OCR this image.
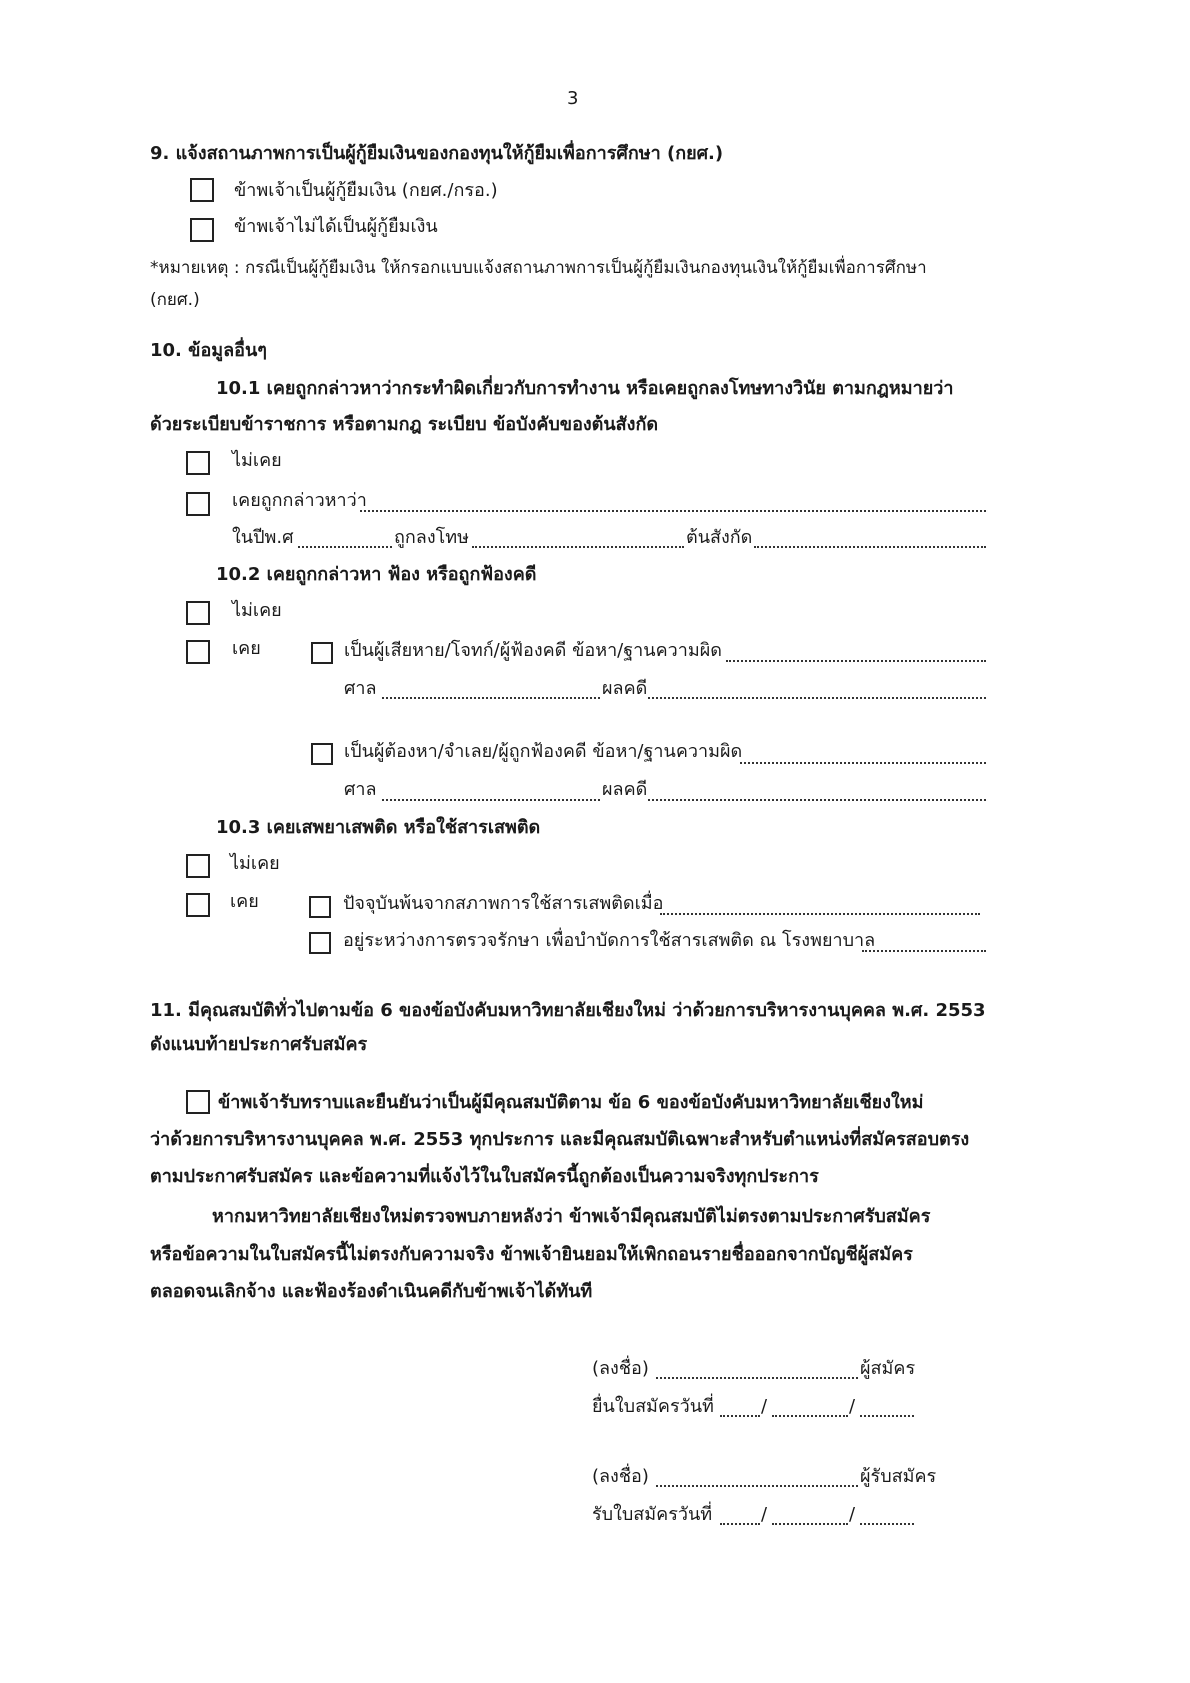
3
9. แจ้งสถานภาพการเป็นผู้กู้ยืมเงินของกองทุนให้กู้ยืมเพื่อการศึกษา (กยศ.)
ข้าพเจ้าเป็นผู้กู้ยืมเงิน (กยศ./กรอ.)
ข้าพเจ้าไม่ได้เป็นผู้กู้ยืมเงิน
*หมายเหตุ : กรณีเป็นผู้กู้ยืมเงิน ให้กรอกแบบแจ้งสถานภาพการเป็นผู้กู้ยืมเงินกองทุนเงินให้กู้ยืมเพื่อการศึกษา
(กยศ.)
10. ข้อมูลอื่นๆ
10.1 เคยถูกกล่าวหาว่ากระทำผิดเกี่ยวกับการทำงาน หรือเคยถูกลงโทษทางวินัย ตามกฎหมายว่า
ด้วยระเบียบข้าราชการ หรือตามกฎ ระเบียบ ข้อบังคับของต้นสังกัด
ไม่เคย
เคยถูกกล่าวหาว่า
ในปีพ.ศ	ถูกลงโทษ	ต้นสังกัด
10.2 เคยถูกกล่าวหา ฟ้อง หรือถูกฟ้องคดี
ไม่เคย
เคย	เป็นผู้เสียหาย/โจทก์/ผู้ฟ้องคดี ข้อหา/ฐานความผิด
ศาล	ผลคดี
เป็นผู้ต้องหา/จำเลย/ผู้ถูกฟ้องคดี ข้อหา/ฐานความผิด
ศาล	ผลคดี
10.3 เคยเสพยาเสพติด หรือใช้สารเสพติด
ไม่เคย
เคย	ปัจจุบันพ้นจากสภาพการใช้สารเสพติดเมื่อ
อยู่ระหว่างการตรวจรักษา เพื่อบำบัดการใช้สารเสพติด ณ โรงพยาบาล
11. มีคุณสมบัติทั่วไปตามข้อ 6 ของข้อบังคับมหาวิทยาลัยเชียงใหม่ ว่าด้วยการบริหารงานบุคคล พ.ศ. 2553
ดังแนบท้ายประกาศรับสมัคร
ข้าพเจ้ารับทราบและยืนยันว่าเป็นผู้มีคุณสมบัติตาม ข้อ 6 ของข้อบังคับมหาวิทยาลัยเชียงใหม่
ว่าด้วยการบริหารงานบุคคล พ.ศ. 2553 ทุกประการ และมีคุณสมบัติเฉพาะสำหรับตำแหน่งที่สมัครสอบตรง
ตามประกาศรับสมัคร และข้อความที่แจ้งไว้ในใบสมัครนี้ถูกต้องเป็นความจริงทุกประการ
หากมหาวิทยาลัยเชียงใหม่ตรวจพบภายหลังว่า ข้าพเจ้ามีคุณสมบัติไม่ตรงตามประกาศรับสมัคร
หรือข้อความในใบสมัครนี้ไม่ตรงกับความจริง ข้าพเจ้ายินยอมให้เพิกถอนรายชื่อออกจากบัญชีผู้สมัคร
ตลอดจนเลิกจ้าง และฟ้องร้องดำเนินคดีกับข้าพเจ้าได้ทันที
(ลงชื่อ)	ผู้สมัคร
ยื่นใบสมัครวันที่	/	/
(ลงชื่อ)	ผู้รับสมัคร
รับใบสมัครวันที่	/	/
